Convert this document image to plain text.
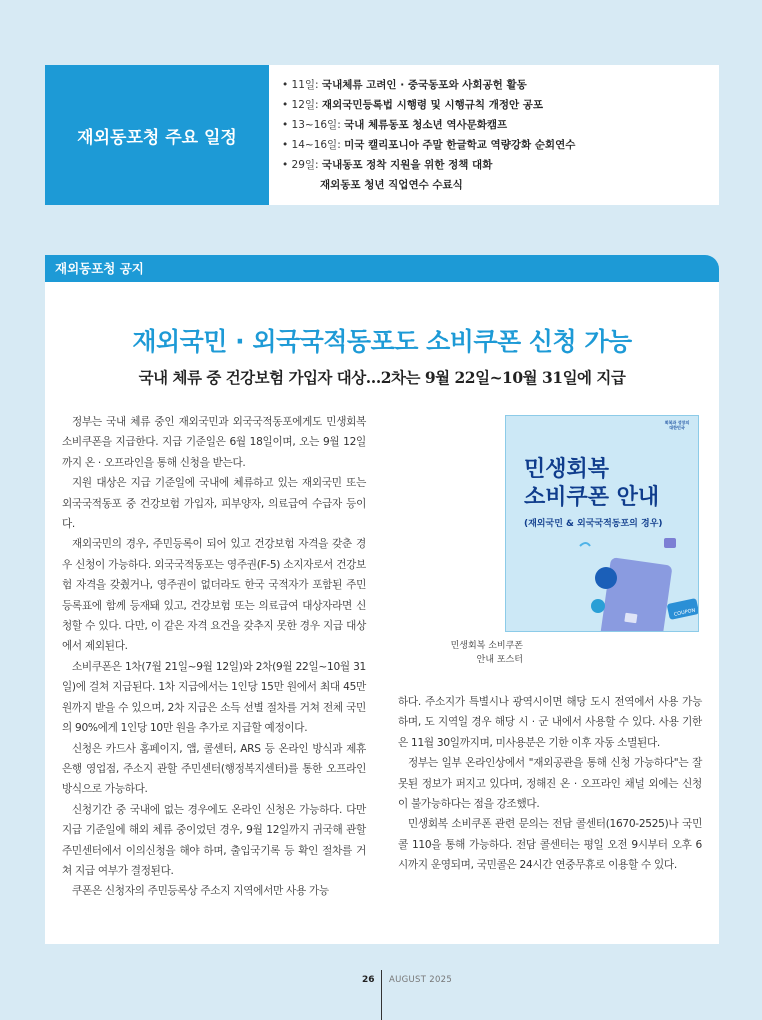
재외동포청 주요 일정
• 11일: 국내체류 고려인 · 중국동포와 사회공헌 활동
• 12일: 재외국민등록법 시행령 및 시행규칙 개정안 공포
• 13~16일: 국내 체류동포 청소년 역사문화캠프
• 14~16일: 미국 캘리포니아 주말 한글학교 역량강화 순회연수
• 29일: 국내동포 정착 지원을 위한 정책 대화
재외동포 청년 직업연수 수료식
재외동포청 공지
재외국민 · 외국국적동포도 소비쿠폰 신청 가능
국내 체류 중 건강보험 가입자 대상…2차는 9월 22일~10월 31일에 지급

정부는 국내 체류 중인 재외국민과 외국국적동포에게도 민생회복 소비쿠폰을 지급한다. 지급 기준일은 6월 18일이며, 오는 9월 12일까지 온 · 오프라인을 통해 신청을 받는다.

지원 대상은 지급 기준일에 국내에 체류하고 있는 재외국민 또는 외국국적동포 중 건강보험 가입자, 피부양자, 의료급여 수급자 등이다.

재외국민의 경우, 주민등록이 되어 있고 건강보험 자격을 갖춘 경우 신청이 가능하다. 외국국적동포는 영주권(F-5) 소지자로서 건강보험 자격을 갖췄거나, 영주권이 없더라도 한국 국적자가 포함된 주민등록표에 함께 등재돼 있고, 건강보험 또는 의료급여 대상자라면 신청할 수 있다. 다만, 이 같은 자격 요건을 갖추지 못한 경우 지급 대상에서 제외된다.

소비쿠폰은 1차(7월 21일~9월 12일)와 2차(9월 22일~10월 31일)에 걸쳐 지급된다. 1차 지급에서는 1인당 15만 원에서 최대 45만 원까지 받을 수 있으며, 2차 지급은 소득 선별 절차를 거쳐 전체 국민의 90%에게 1인당 10만 원을 추가로 지급할 예정이다.

신청은 카드사 홈페이지, 앱, 콜센터, ARS 등 온라인 방식과 제휴은행 영업점, 주소지 관할 주민센터(행정복지센터)를 통한 오프라인 방식으로 가능하다.

신청기간 중 국내에 없는 경우에도 온라인 신청은 가능하다. 다만 지급 기준일에 해외 체류 중이었던 경우, 9월 12일까지 귀국해 관할 주민센터에서 이의신청을 해야 하며, 출입국기록 등 확인 절차를 거쳐 지급 여부가 결정된다.

쿠폰은 신청자의 주민등록상 주소지 지역에서만 사용 가능

회복과 성장의 대한민국
민생회복
소비쿠폰 안내
(재외국민 & 외국국적동포의 경우)
COUPON
민생회복 소비쿠폰
안내 포스터

하다. 주소지가 특별시나 광역시이면 해당 도시 전역에서 사용 가능하며, 도 지역일 경우 해당 시 · 군 내에서 사용할 수 있다. 사용 기한은 11월 30일까지며, 미사용분은 기한 이후 자동 소멸된다.

정부는 일부 온라인상에서 "재외공관을 통해 신청 가능하다"는 잘못된 정보가 퍼지고 있다며, 정해진 온 · 오프라인 채널 외에는 신청이 불가능하다는 점을 강조했다.

민생회복 소비쿠폰 관련 문의는 전담 콜센터(1670-2525)나 국민콜 110을 통해 가능하다. 전담 콜센터는 평일 오전 9시부터 오후 6시까지 운영되며, 국민콜은 24시간 연중무휴로 이용할 수 있다.

26 AUGUST 2025
